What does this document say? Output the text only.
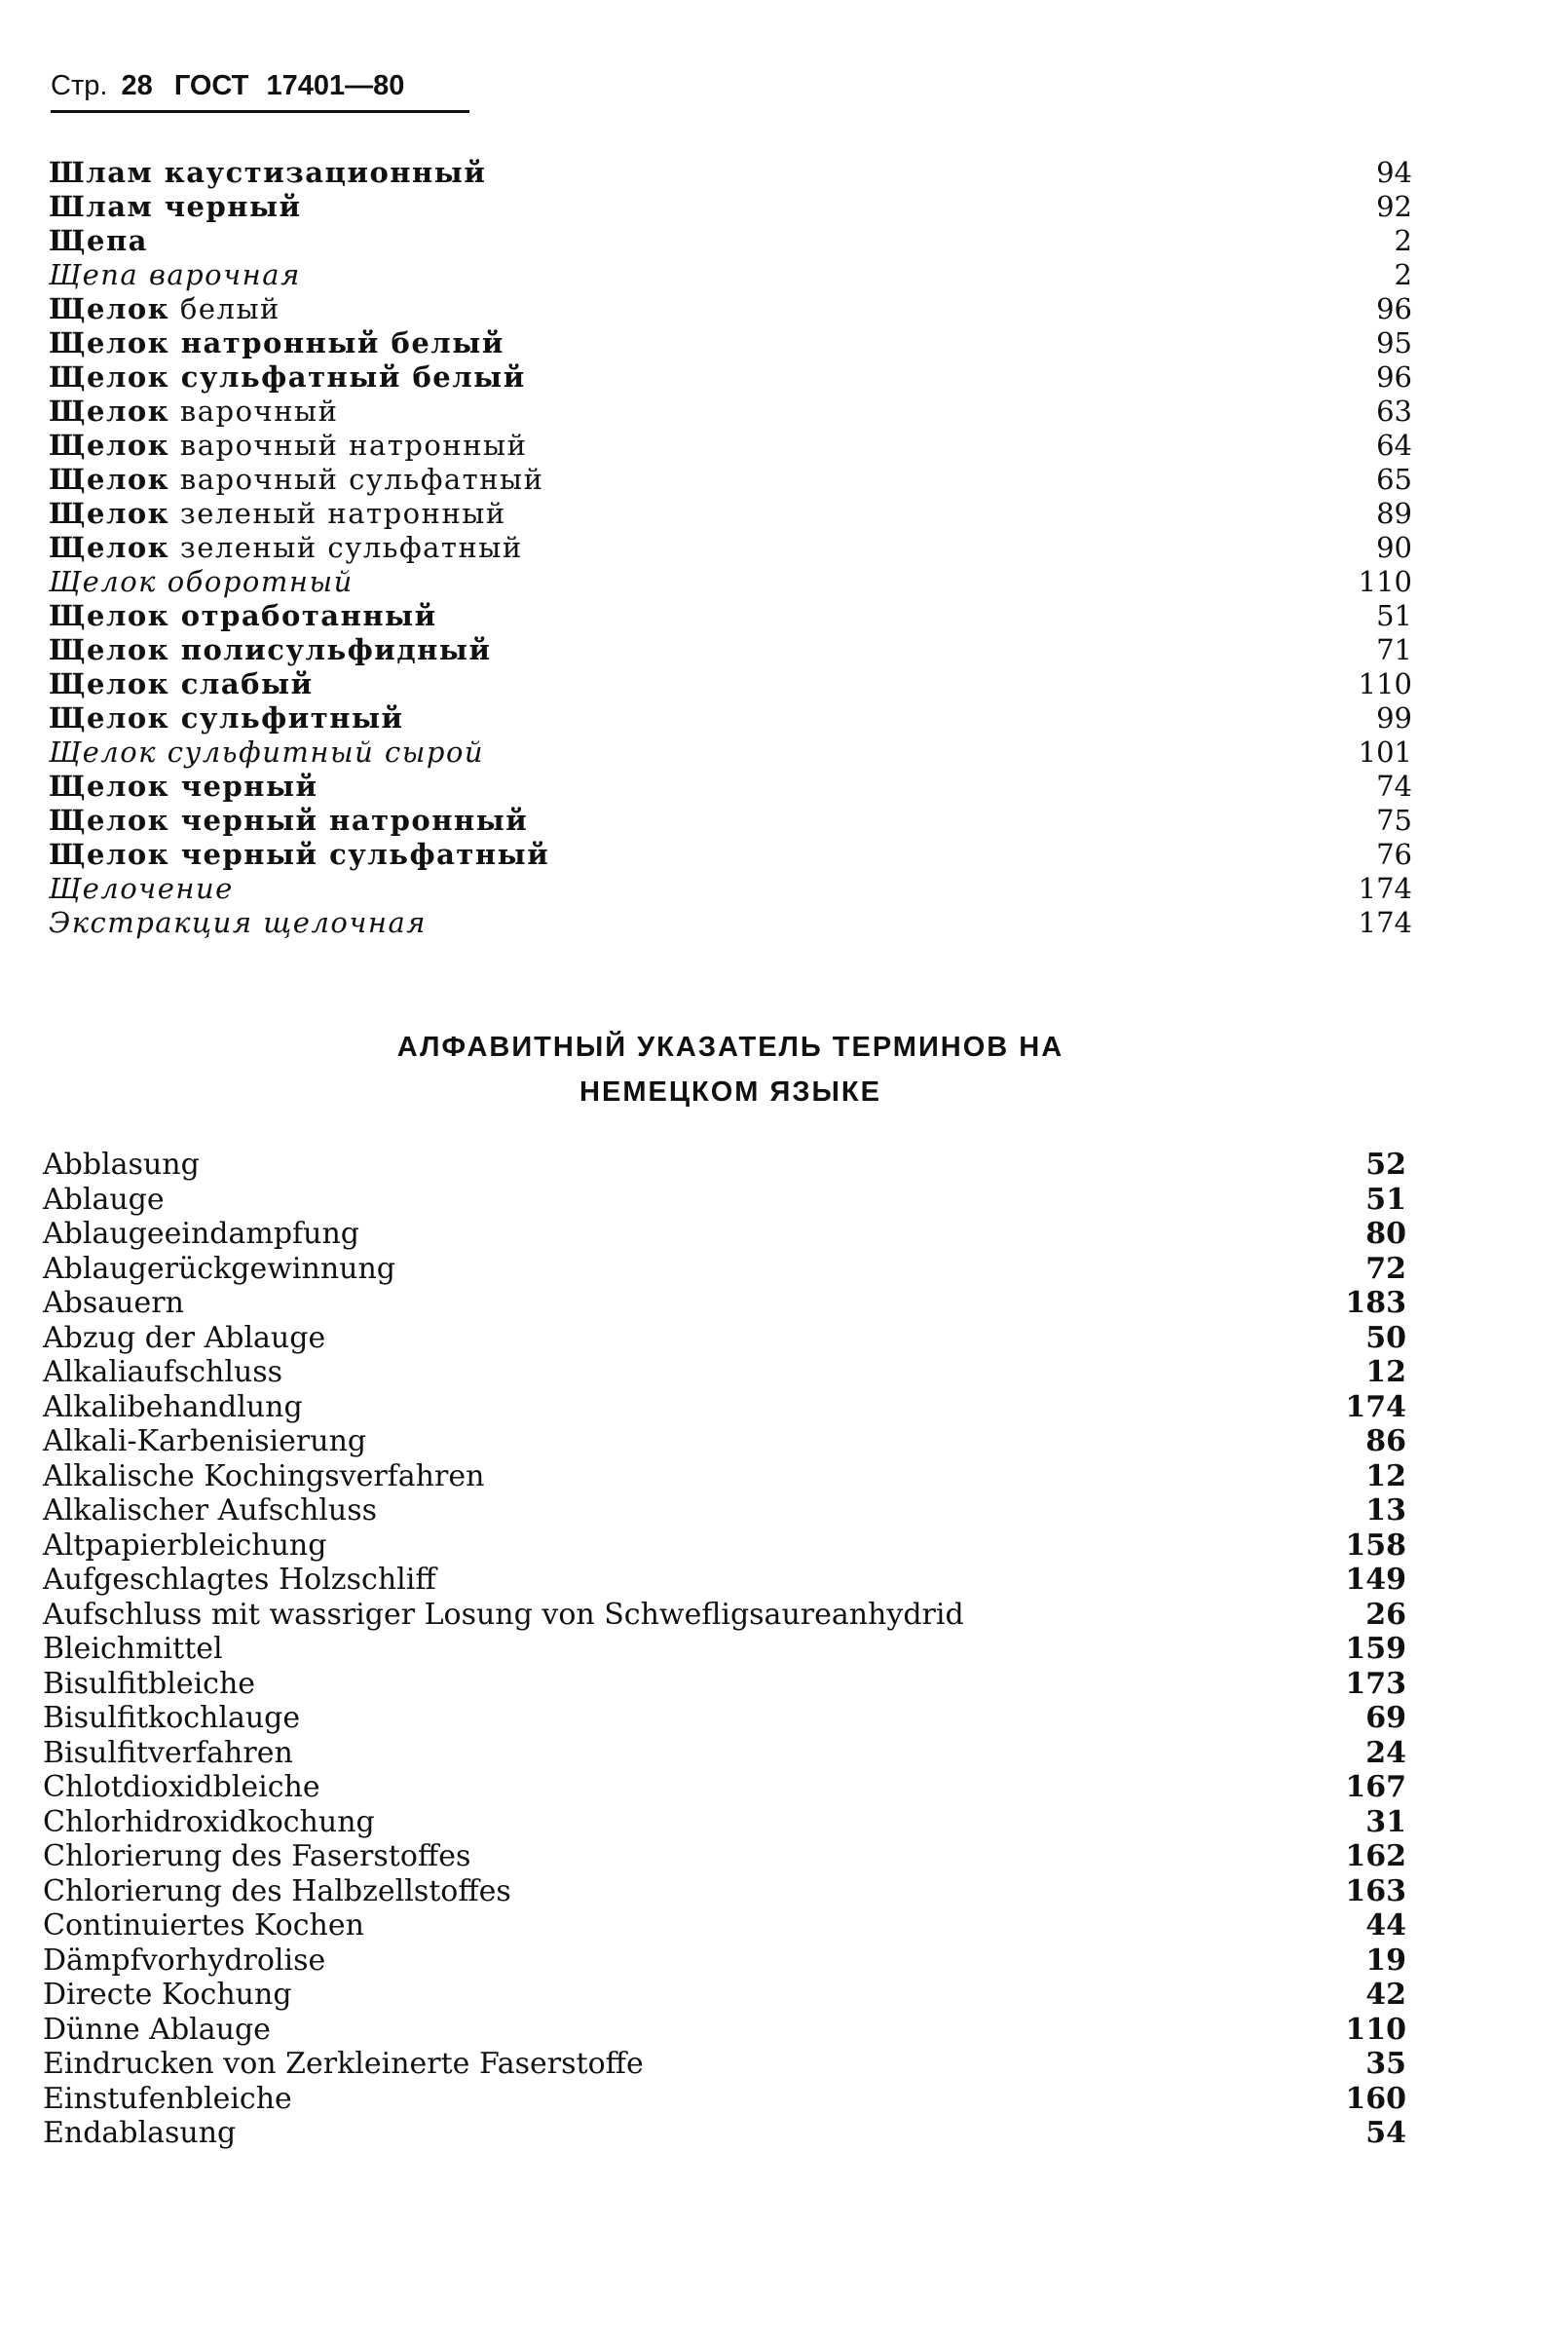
Стр. 28 ГОСТ 17401—80
Шлам каустизационный	94
Шлам черный	92
Щепа	2
Щепа варочная	2
Щелок белый	96
Щелок натронный белый	95
Щелок сульфатный белый	96
Щелок варочный	63
Щелок варочный натронный	64
Щелок варочный сульфатный	65
Щелок зеленый натронный	89
Щелок зеленый сульфатный	90
Щелок оборотный	110
Щелок отработанный	51
Щелок полисульфидный	71
Щелок слабый	110
Щелок сульфитный	99
Щелок сульфитный сырой	101
Щелок черный	74
Щелок черный натронный	75
Щелок черный сульфатный	76
Щелочение	174
Экстракция щелочная	174
АЛФАВИТНЫЙ УКАЗАТЕЛЬ ТЕРМИНОВ НА
НЕМЕЦКОМ ЯЗЫКЕ
Abblasung	52
Ablauge	51
Ablaugeeindampfung	80
Ablaugerückgewinnung	72
Absauern	183
Abzug der Ablauge	50
Alkaliaufschluss	12
Alkalibehandlung	174
Alkali-Karbenisierung	86
Alkalische Kochingsverfahren	12
Alkalischer Aufschluss	13
Altpapierbleichung	158
Aufgeschlagtes Holzschliff	149
Aufschluss mit wassriger Losung von Schwefligsaureanhydrid	26
Bleichmittel	159
Bisulfitbleiche	173
Bisulfitkochlauge	69
Bisulfitverfahren	24
Chlotdioxidbleiche	167
Chlorhidroxidkochung	31
Chlorierung des Faserstoffes	162
Chlorierung des Halbzellstoffes	163
Continuiertes Kochen	44
Dämpfvorhydrolise	19
Directe Kochung	42
Dünne Ablauge	110
Eindrucken von Zerkleinerte Faserstoffe	35
Einstufenbleiche	160
Endablasung	54
